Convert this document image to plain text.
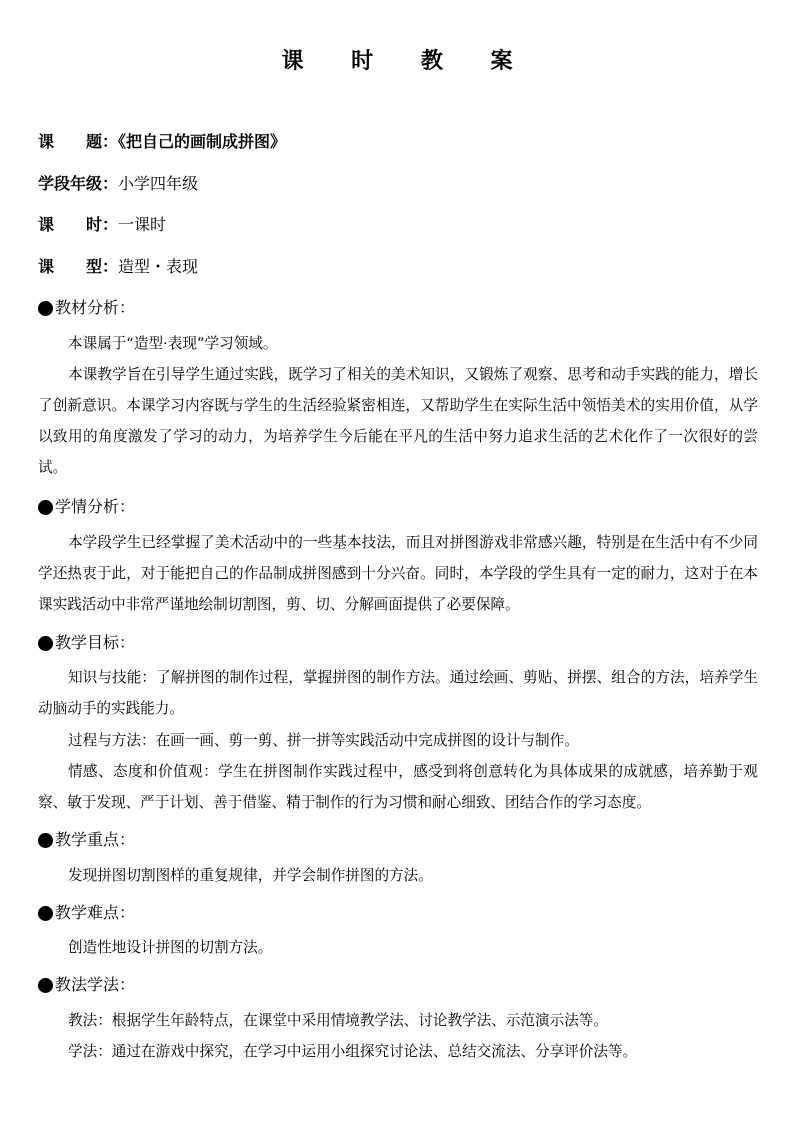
课 时 教 案
课　　题：《把自己的画制成拼图》
学段年级：小学四年级
课　　时：一课时
课　　型：造型・表现
教材分析：
本课属于“造型·表现”学习领域。
本课教学旨在引导学生通过实践，既学习了相关的美术知识，又锻炼了观察、思考和动手实践的能力，增长了创新意识。本课学习内容既与学生的生活经验紧密相连，又帮助学生在实际生活中领悟美术的实用价值，从学以致用的角度激发了学习的动力，为培养学生今后能在平凡的生活中努力追求生活的艺术化作了一次很好的尝试。
学情分析：
本学段学生已经掌握了美术活动中的一些基本技法，而且对拼图游戏非常感兴趣，特别是在生活中有不少同学还热衷于此，对于能把自己的作品制成拼图感到十分兴奋。同时，本学段的学生具有一定的耐力，这对于在本课实践活动中非常严谨地绘制切割图，剪、切、分解画面提供了必要保障。
教学目标：
知识与技能：了解拼图的制作过程，掌握拼图的制作方法。通过绘画、剪贴、拼摆、组合的方法，培养学生动脑动手的实践能力。
过程与方法：在画一画、剪一剪、拼一拼等实践活动中完成拼图的设计与制作。
情感、态度和价值观：学生在拼图制作实践过程中，感受到将创意转化为具体成果的成就感，培养勤于观察、敏于发现、严于计划、善于借鉴、精于制作的行为习惯和耐心细致、团结合作的学习态度。
教学重点：
发现拼图切割图样的重复规律，并学会制作拼图的方法。
教学难点：
创造性地设计拼图的切割方法。
教法学法：
教法：根据学生年龄特点，在课堂中采用情境教学法、讨论教学法、示范演示法等。
学法：通过在游戏中探究，在学习中运用小组探究讨论法、总结交流法、分享评价法等。
